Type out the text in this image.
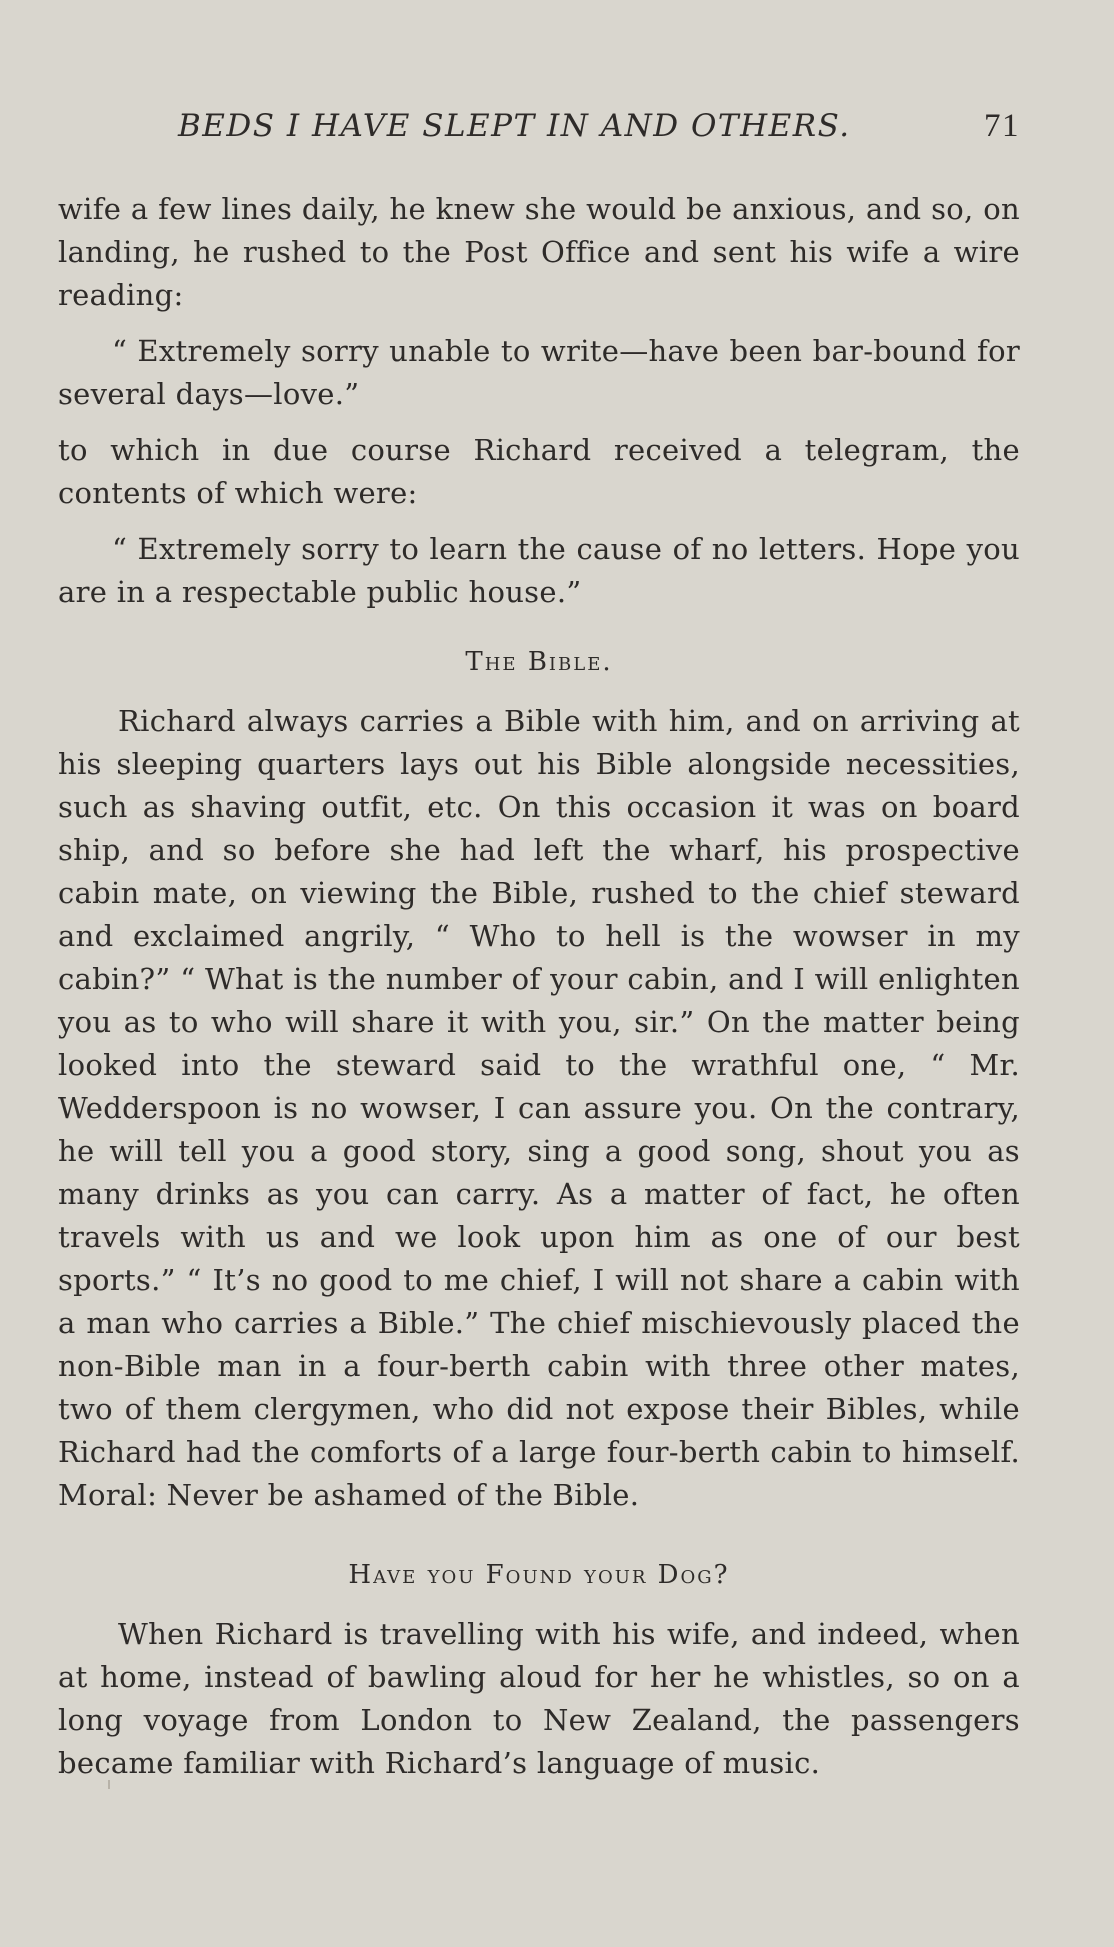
BEDS I HAVE SLEPT IN AND OTHERS.	71

wife a few lines daily, he knew she would be anxious, and so, on landing, he rushed to the Post Office and sent his wife a wire reading:

“ Extremely sorry unable to write—have been bar-bound for several days—love.”

to which in due course Richard received a telegram, the contents of which were:

“ Extremely sorry to learn the cause of no letters. Hope you are in a respectable public house.”

The Bible.

Richard always carries a Bible with him, and on arriving at his sleeping quarters lays out his Bible alongside necessities, such as shaving outfit, etc. On this occasion it was on board ship, and so before she had left the wharf, his prospective cabin mate, on viewing the Bible, rushed to the chief steward and exclaimed angrily, “ Who to hell is the wowser in my cabin?” “ What is the number of your cabin, and I will enlighten you as to who will share it with you, sir.” On the matter being looked into the steward said to the wrathful one, “ Mr. Wedderspoon is no wowser, I can assure you. On the contrary, he will tell you a good story, sing a good song, shout you as many drinks as you can carry. As a matter of fact, he often travels with us and we look upon him as one of our best sports.” “ It’s no good to me chief, I will not share a cabin with a man who carries a Bible.” The chief mischievously placed the non-Bible man in a four-berth cabin with three other mates, two of them clergymen, who did not expose their Bibles, while Richard had the comforts of a large four-berth cabin to himself. Moral: Never be ashamed of the Bible.

Have you Found your Dog?

When Richard is travelling with his wife, and indeed, when at home, instead of bawling aloud for her he whistles, so on a long voyage from London to New Zealand, the passengers became familiar with Richard’s language of music.
